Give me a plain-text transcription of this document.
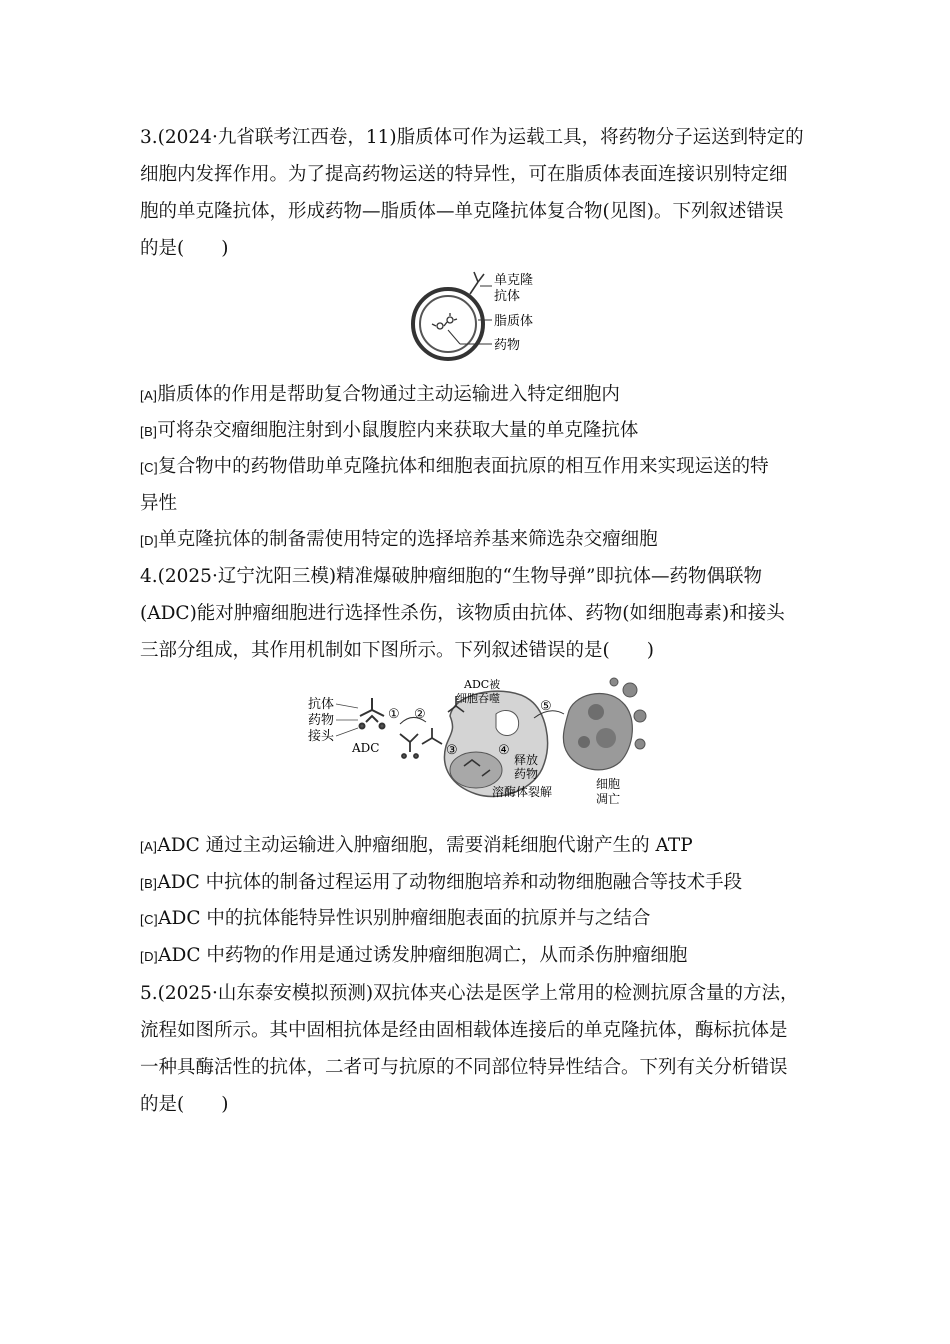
3.(2024·九省联考江西卷，11)脂质体可作为运载工具，将药物分子运送到特定的
细胞内发挥作用。为了提高药物运送的特异性，可在脂质体表面连接识别特定细
胞的单克隆抗体，形成药物—脂质体—单克隆抗体复合物(见图)。下列叙述错误
的是(　　)
单克隆
抗体
脂质体
药物
[A]脂质体的作用是帮助复合物通过主动运输进入特定细胞内
[B]可将杂交瘤细胞注射到小鼠腹腔内来获取大量的单克隆抗体
[C]复合物中的药物借助单克隆抗体和细胞表面抗原的相互作用来实现运送的特
异性
[D]单克隆抗体的制备需使用特定的选择培养基来筛选杂交瘤细胞
4.(2025·辽宁沈阳三模)精准爆破肿瘤细胞的“生物导弹”即抗体—药物偶联物
(ADC)能对肿瘤细胞进行选择性杀伤，该物质由抗体、药物(如细胞毒素)和接头
三部分组成，其作用机制如下图所示。下列叙述错误的是(　　)
抗体
药物
接头
ADC
① ②
③	④
ADC被
细胞吞噬
释放
药物
溶酶体裂解
⑤
细胞
凋亡
[A]ADC 通过主动运输进入肿瘤细胞，需要消耗细胞代谢产生的 ATP
[B]ADC 中抗体的制备过程运用了动物细胞培养和动物细胞融合等技术手段
[C]ADC 中的抗体能特异性识别肿瘤细胞表面的抗原并与之结合
[D]ADC 中药物的作用是通过诱发肿瘤细胞凋亡，从而杀伤肿瘤细胞
5.(2025·山东泰安模拟预测)双抗体夹心法是医学上常用的检测抗原含量的方法，
流程如图所示。其中固相抗体是经由固相载体连接后的单克隆抗体，酶标抗体是
一种具酶活性的抗体，二者可与抗原的不同部位特异性结合。下列有关分析错误
的是(　　)
